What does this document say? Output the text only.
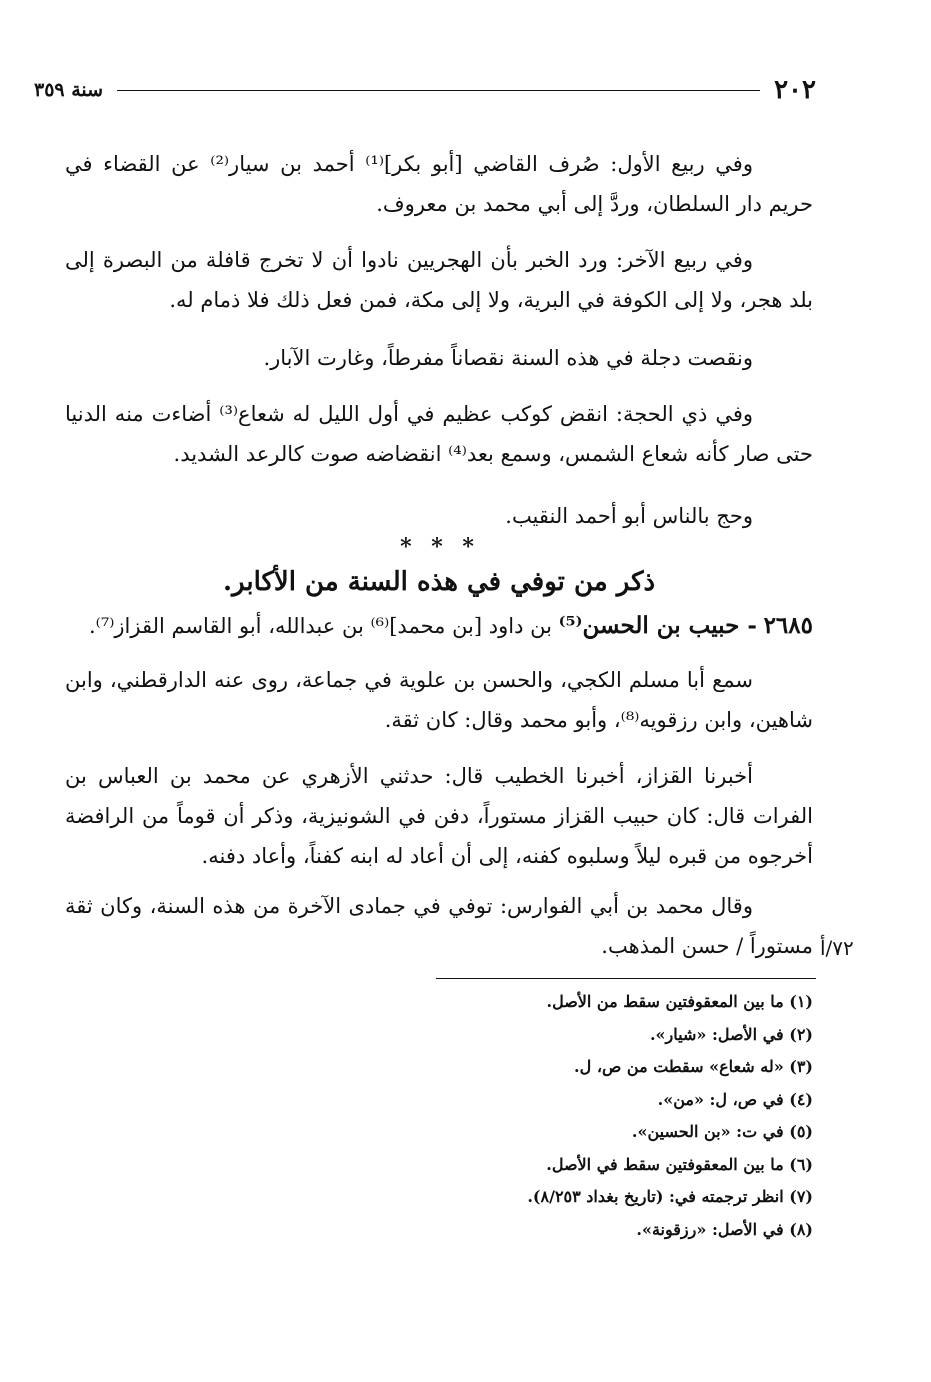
٢٠٢
سنة ٣٥٩

وفي ربيع الأول: صُرف القاضي [أبو بكر]⁽¹⁾ أحمد بن سيار⁽²⁾ عن القضاء في حريم دار السلطان، وردَّ إلى أبي محمد بن معروف.

وفي ربيع الآخر: ورد الخبر بأن الهجريين نادوا أن لا تخرج قافلة من البصرة إلى بلد هجر، ولا إلى الكوفة في البرية، ولا إلى مكة، فمن فعل ذلك فلا ذمام له.

ونقصت دجلة في هذه السنة نقصاناً مفرطاً، وغارت الآبار.

وفي ذي الحجة: انقض كوكب عظيم في أول الليل له شعاع⁽³⁾ أضاءت منه الدنيا حتى صار كأنه شعاع الشمس، وسمع بعد⁽⁴⁾ انقضاضه صوت كالرعد الشديد.

وحج بالناس أبو أحمد النقيب.

* * *
ذكر من توفي في هذه السنة من الأكابر.
٢٦٨٥ - حبيب بن الحسن⁽⁵⁾ بن داود [بن محمد]⁽⁶⁾ بن عبدالله، أبو القاسم القزاز⁽⁷⁾.

سمع أبا مسلم الكجي، والحسن بن علوية في جماعة، روى عنه الدارقطني، وابن شاهين، وابن رزقويه⁽⁸⁾، وأبو محمد وقال: كان ثقة.

أخبرنا القزاز، أخبرنا الخطيب قال: حدثني الأزهري عن محمد بن العباس بن الفرات قال: كان حبيب القزاز مستوراً، دفن في الشونيزية، وذكر أن قوماً من الرافضة أخرجوه من قبره ليلاً وسلبوه كفنه، إلى أن أعاد له ابنه كفناً، وأعاد دفنه.

وقال محمد بن أبي الفوارس: توفي في جمادى الآخرة من هذه السنة، وكان ثقة مستوراً / حسن المذهب. ٧٢/أ
(١) ما بين المعقوفتين سقط من الأصل.
(٢) في الأصل: «شيار».
(٣) «له شعاع» سقطت من ص، ل.
(٤) في ص، ل: «من».
(٥) في ت: «بن الحسين».
(٦) ما بين المعقوفتين سقط في الأصل.
(٧) انظر ترجمته في: (تاريخ بغداد ٨/٢٥٣).
(٨) في الأصل: «رزقونة».
